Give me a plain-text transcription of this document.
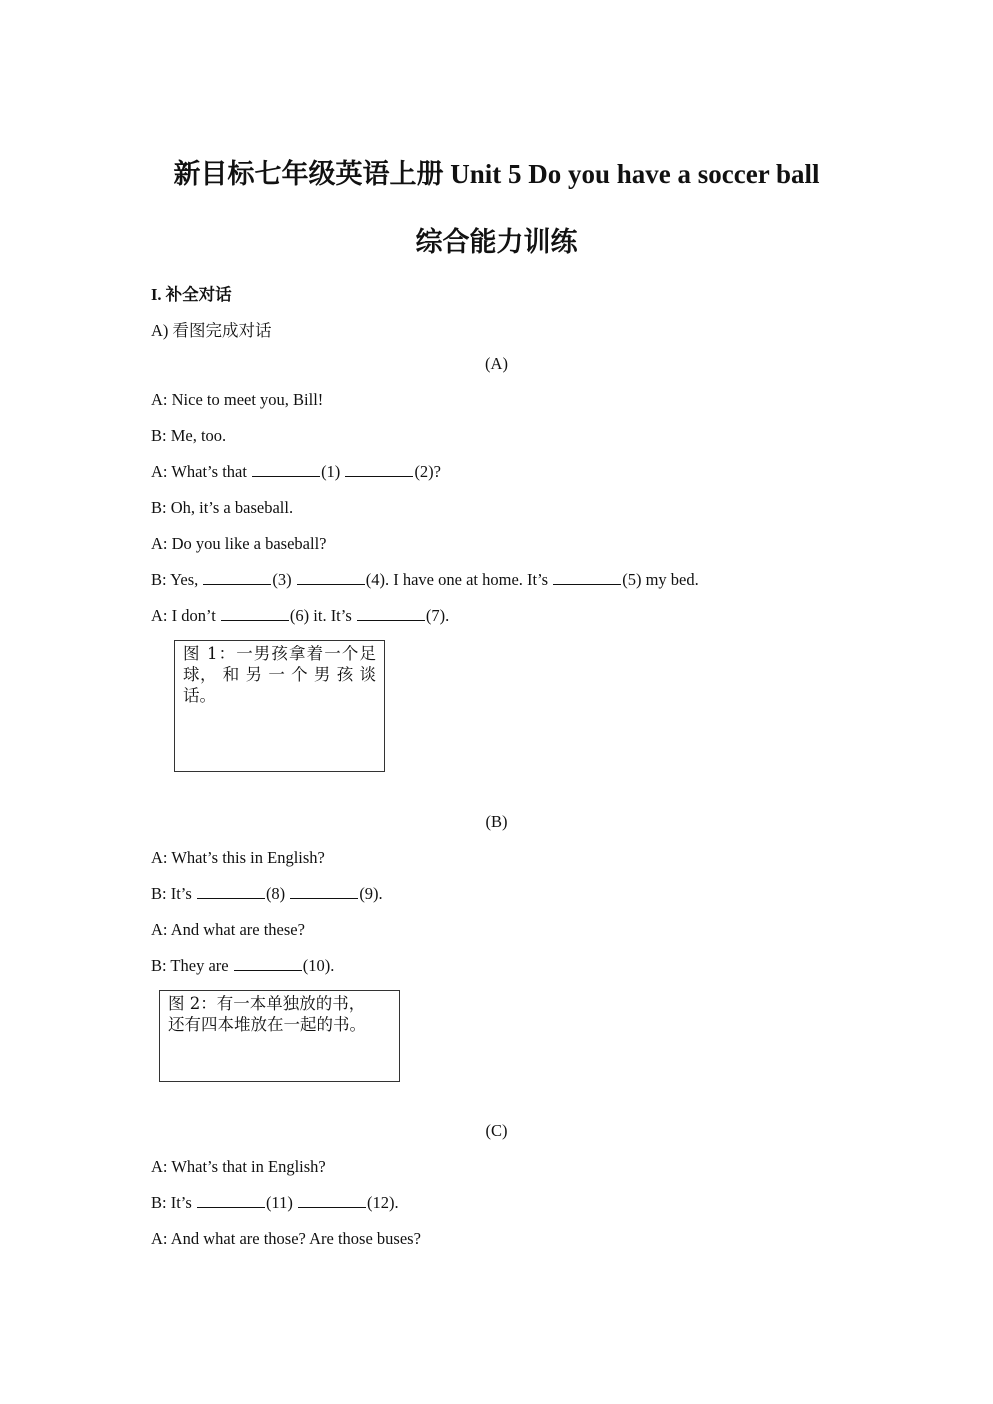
新目标七年级英语上册 Unit 5 Do you have a soccer ball
综合能力训练
I. 补全对话
A) 看图完成对话
(A)
A: Nice to meet you, Bill!
B: Me, too.
A: What’s that	(1)	(2)?
B: Oh, it’s a baseball.
A: Do you like a baseball?
B: Yes,	(3)	(4). I have one at home. It’s	(5) my bed.
A: I don’t	(6) it. It’s	(7).
图 1：一男孩拿着一个足
球， 和 另 一 个 男 孩 谈
话。
(B)
A: What’s this in English?
B: It’s	(8)	(9).
A: And what are these?
B: They are	(10).
图 2：有一本单独放的书，
还有四本堆放在一起的书。
(C)
A: What’s that in English?
B: It’s	(11)	(12).
A: And what are those? Are those buses?
